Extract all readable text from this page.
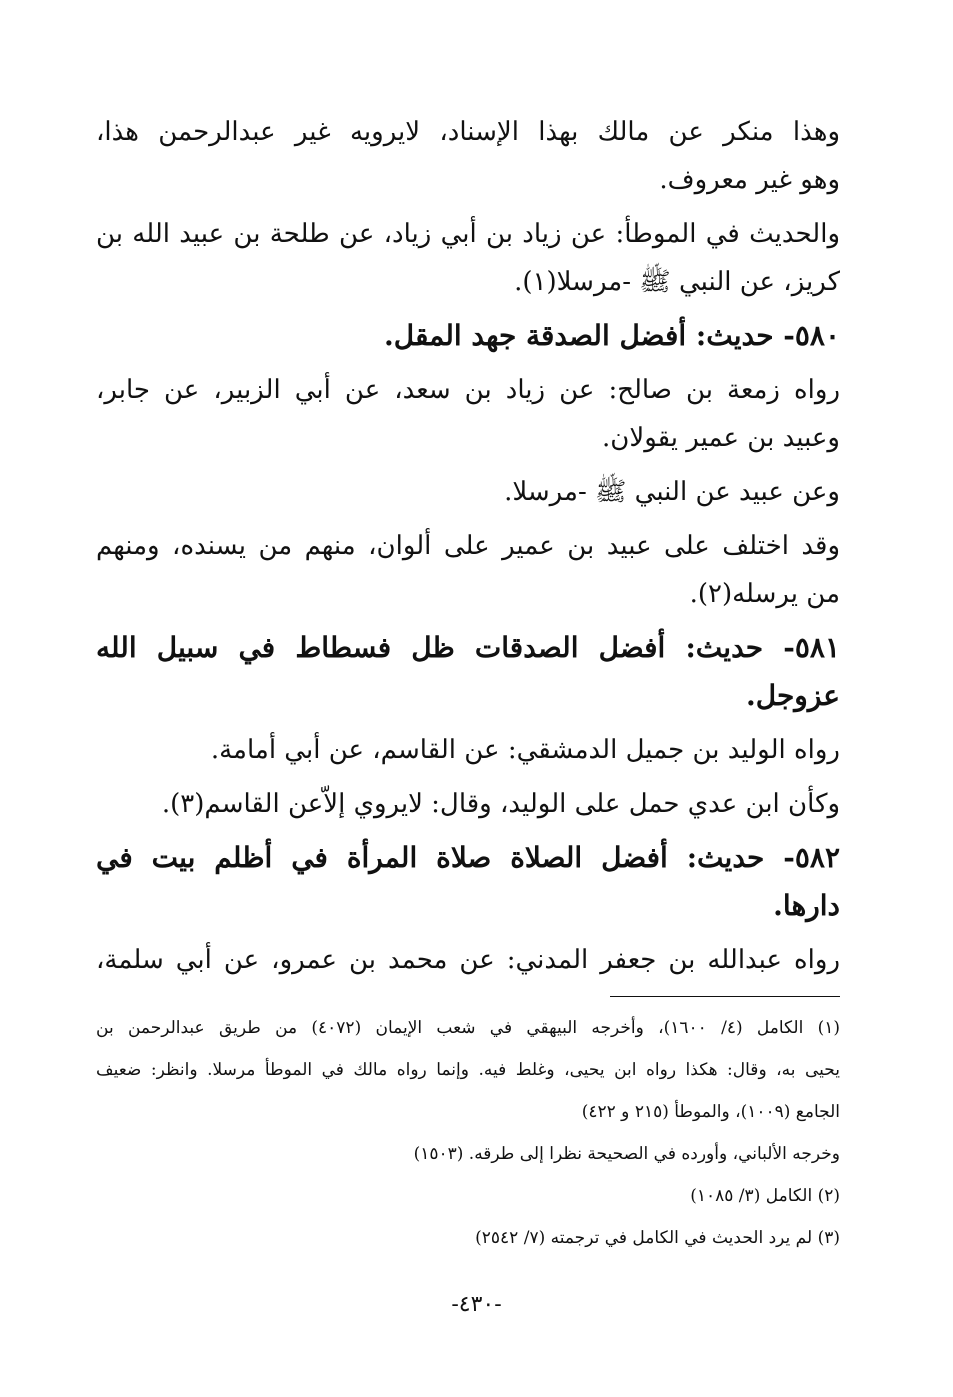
وهذا منكر عن مالك بهذا الإسناد، لايرويه غير عبدالرحمن هذا،
وهو غير معروف.
والحديث في الموطأ: عن زياد بن أبي زياد، عن طلحة بن عبيد الله بن
كريز، عن النبي ﷺ -مرسلا(١).
٥٨٠- حديث: أفضل الصدقة جهد المقل.
رواه زمعة بن صالح: عن زياد بن سعد، عن أبي الزبير، عن جابر،
وعبيد بن عمير يقولان.
وعن عبيد عن النبي ﷺ -مرسلا.
وقد اختلف على عبيد بن عمير على ألوان، منهم من يسنده، ومنهم
من يرسله(٢).
٥٨١- حديث: أفضل الصدقات ظل فسطاط في سبيل الله
عزوجل.
رواه الوليد بن جميل الدمشقي: عن القاسم، عن أبي أمامة.
وكأن ابن عدي حمل على الوليد، وقال: لايروي إلاّعن القاسم(٣).
٥٨٢- حديث: أفضل الصلاة صلاة المرأة في أظلم بيت في
دارها.
رواه عبدالله بن جعفر المدني: عن محمد بن عمرو، عن أبي سلمة،
(١) الكامل (٤/ ١٦٠٠)، وأخرجه البيهقي في شعب الإيمان (٤٠٧٢) من طريق عبدالرحمن بن
يحيى به، وقال: هكذا رواه ابن يحيى، وغلط فيه. وإنما رواه مالك في الموطأ مرسلا. وانظر: ضعيف
الجامع (١٠٠٩)، والموطأ (٢١٥ و ٤٢٢)
وخرجه الألباني، وأورده في الصحيحة نظرا إلى طرقه. (١٥٠٣)
(٢) الكامل (٣/ ١٠٨٥)
(٣) لم يرد الحديث في الكامل في ترجمته (٧/ ٢٥٤٢)
-٤٣٠-
